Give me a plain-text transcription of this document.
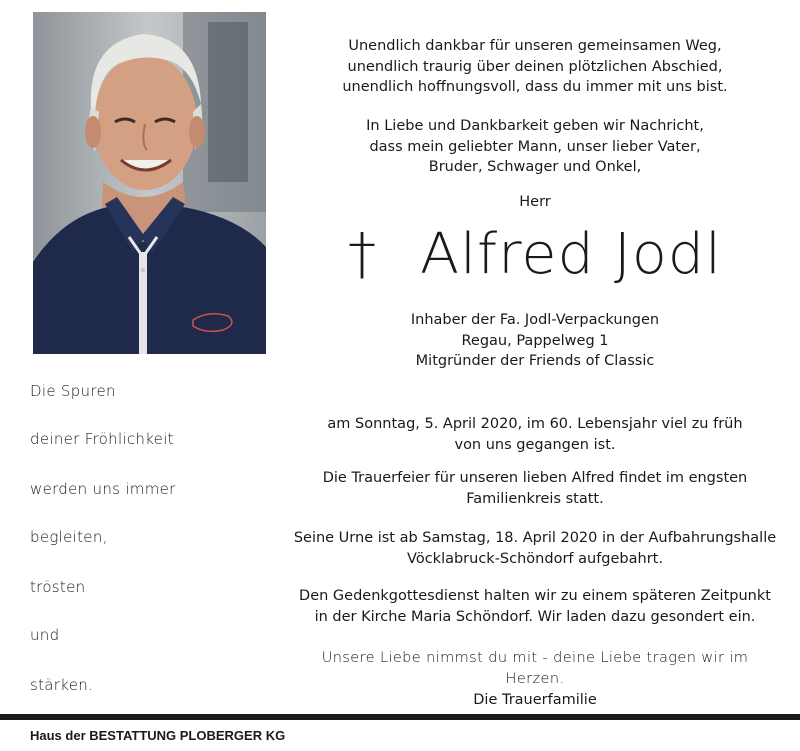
Die Spuren
deiner Fröhlichkeit
werden uns immer
begleiten,
trösten
und
stärken.

Unendlich dankbar für unseren gemeinsamen Weg,

unendlich traurig über deinen plötzlichen Abschied,

unendlich hoffnungsvoll, dass du immer mit uns bist.

In Liebe und Dankbarkeit geben wir Nachricht,

dass mein geliebter Mann, unser lieber Vater,

Bruder, Schwager und Onkel,

Herr

† Alfred Jodl

Inhaber der Fa. Jodl-Verpackungen

Regau, Pappelweg 1

Mitgründer der Friends of Classic

am Sonntag, 5. April 2020, im 60. Lebensjahr viel zu früh

von uns gegangen ist.

Die Trauerfeier für unseren lieben Alfred findet im engsten

Familienkreis statt.

Seine Urne ist ab Samstag, 18. April 2020 in der Aufbahrungshalle

Vöcklabruck-Schöndorf aufgebahrt.

Den Gedenkgottesdienst halten wir zu einem späteren Zeitpunkt

in der Kirche Maria Schöndorf. Wir laden dazu gesondert ein.

Unsere Liebe nimmst du mit - deine Liebe tragen wir im Herzen.

Die Trauerfamilie

Haus der BESTATTUNG PLOBERGER KG
